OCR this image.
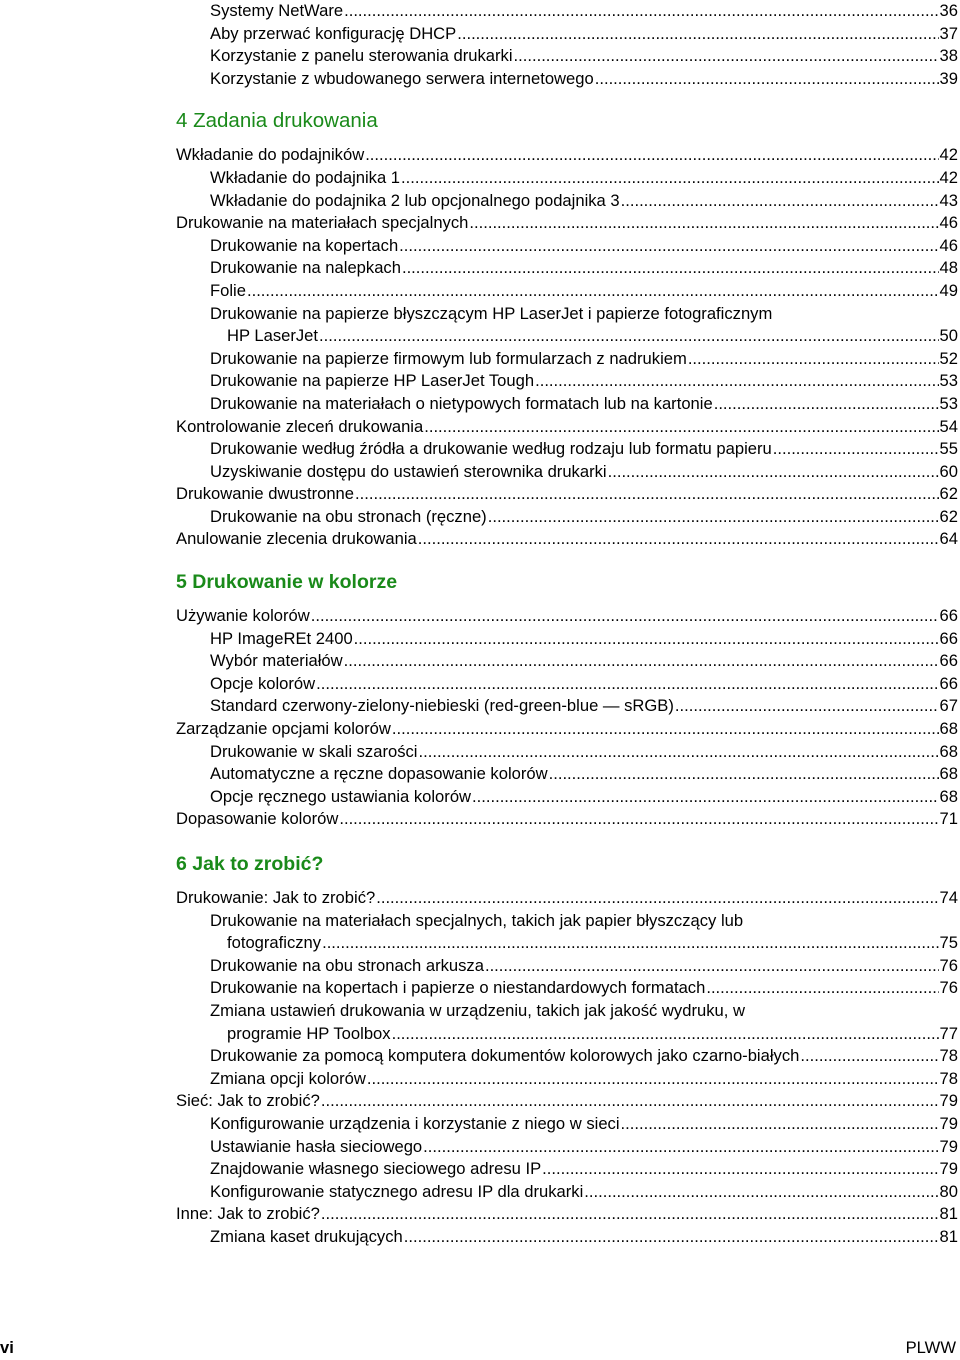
Systemy NetWare .....	36
Aby przerwać konfigurację DHCP .....	37
Korzystanie z panelu sterowania drukarki .....	38
Korzystanie z wbudowanego serwera internetowego .....	39
4 Zadania drukowania
Wkładanie do podajników .....	42
Wkładanie do podajnika 1 .....	42
Wkładanie do podajnika 2 lub opcjonalnego podajnika 3 .....	43
Drukowanie na materiałach specjalnych .....	46
Drukowanie na kopertach .....	46
Drukowanie na nalepkach .....	48
Folie .....	49
Drukowanie na papierze błyszczącym HP LaserJet i papierze fotograficznym
HP LaserJet .....	50
Drukowanie na papierze firmowym lub formularzach z nadrukiem .....	52
Drukowanie na papierze HP LaserJet Tough .....	53
Drukowanie na materiałach o nietypowych formatach lub na kartonie .....	53
Kontrolowanie zleceń drukowania .....	54
Drukowanie według źródła a drukowanie według rodzaju lub formatu papieru .....	55
Uzyskiwanie dostępu do ustawień sterownika drukarki .....	60
Drukowanie dwustronne .....	62
Drukowanie na obu stronach (ręczne) .....	62
Anulowanie zlecenia drukowania .....	64
5 Drukowanie w kolorze
Używanie kolorów .....	66
HP ImageREt 2400 .....	66
Wybór materiałów .....	66
Opcje kolorów .....	66
Standard czerwony-zielony-niebieski (red-green-blue — sRGB) .....	67
Zarządzanie opcjami kolorów .....	68
Drukowanie w skali szarości .....	68
Automatyczne a ręczne dopasowanie kolorów .....	68
Opcje ręcznego ustawiania kolorów .....	68
Dopasowanie kolorów .....	71
6 Jak to zrobić?
Drukowanie: Jak to zrobić? .....	74
Drukowanie na materiałach specjalnych, takich jak papier błyszczący lub
fotograficzny .....	75
Drukowanie na obu stronach arkusza .....	76
Drukowanie na kopertach i papierze o niestandardowych formatach .....	76
Zmiana ustawień drukowania w urządzeniu, takich jak jakość wydruku, w
programie HP Toolbox .....	77
Drukowanie za pomocą komputera dokumentów kolorowych jako czarno-białych .....	78
Zmiana opcji kolorów .....	78
Sieć: Jak to zrobić? .....	79
Konfigurowanie urządzenia i korzystanie z niego w sieci .....	79
Ustawianie hasła sieciowego .....	79
Znajdowanie własnego sieciowego adresu IP .....	79
Konfigurowanie statycznego adresu IP dla drukarki .....	80
Inne: Jak to zrobić? .....	81
Zmiana kaset drukujących .....	81
vi	PLWW
